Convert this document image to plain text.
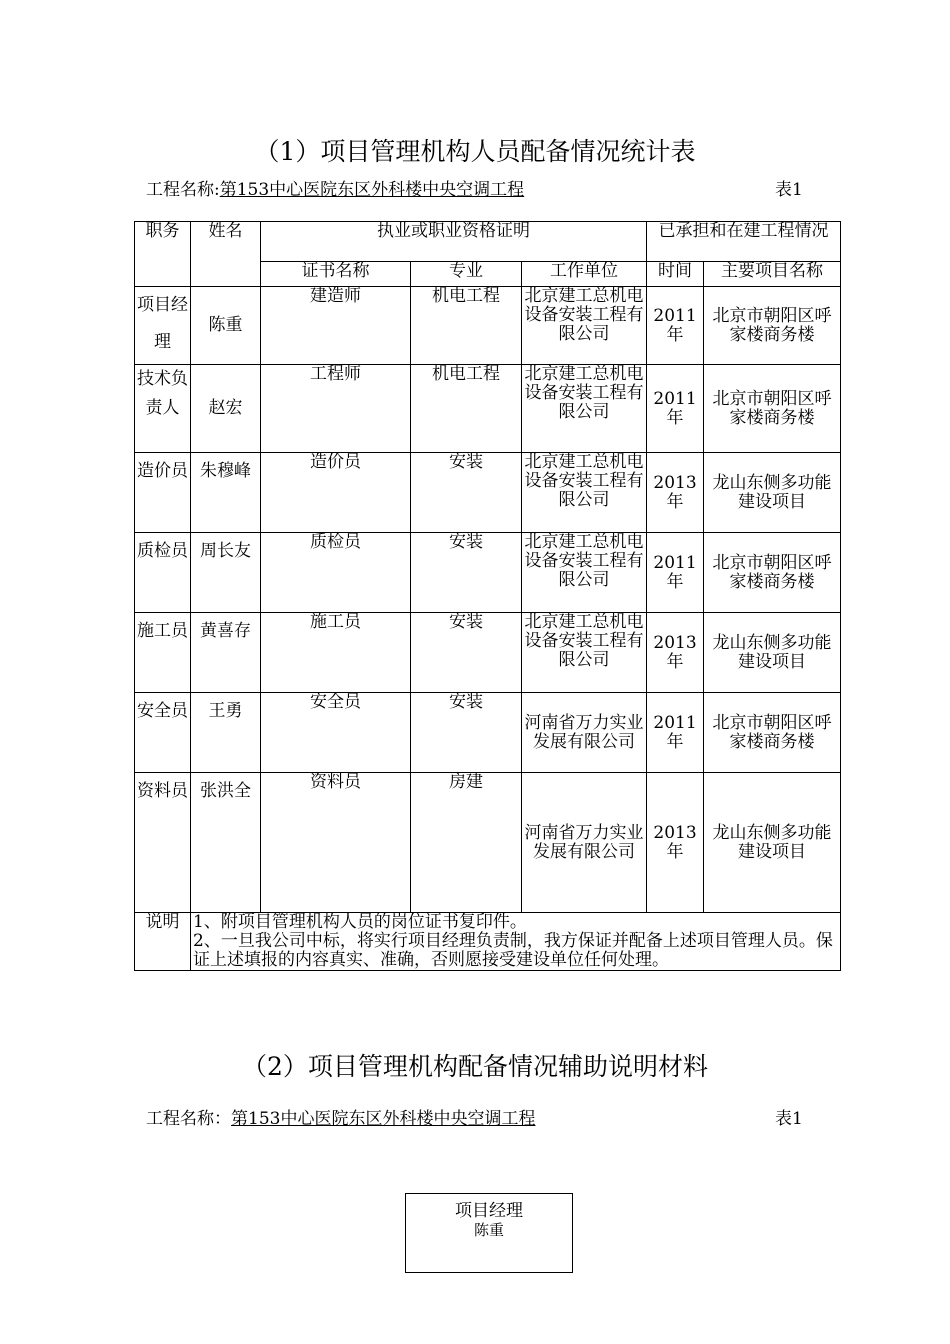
（1）项目管理机构人员配备情况统计表
工程名称:第153中心医院东区外科楼中央空调工程	表1
职务	姓名	执业或职业资格证明			已承担和在建工程情况	
		证书名称	专业	工作单位	时间	主要项目名称
项目经理	陈重	建造师	机电工程	北京建工总机电设备安装工程有限公司	2011年	北京市朝阳区呼家楼商务楼
技术负责人	赵宏	工程师	机电工程	北京建工总机电设备安装工程有限公司	2011年	北京市朝阳区呼家楼商务楼
造价员	朱穆峰	造价员	安装	北京建工总机电设备安装工程有限公司	2013年	龙山东侧多功能建设项目
质检员	周长友	质检员	安装	北京建工总机电设备安装工程有限公司	2011年	北京市朝阳区呼家楼商务楼
施工员	黄喜存	施工员	安装	北京建工总机电设备安装工程有限公司	2013年	龙山东侧多功能建设项目
安全员	王勇	安全员	安装	河南省万力实业发展有限公司	2011年	北京市朝阳区呼家楼商务楼
资料员	张洪全	资料员	房建	河南省万力实业发展有限公司	2013年	龙山东侧多功能建设项目
说明	1、附项目管理机构人员的岗位证书复印件。
2、一旦我公司中标，将实行项目经理负责制，我方保证并配备上述项目管理人员。保证上述填报的内容真实、准确，否则愿接受建设单位任何处理。					
（2）项目管理机构配备情况辅助说明材料
工程名称：第153中心医院东区外科楼中央空调工程	表1
项目经理
陈重
